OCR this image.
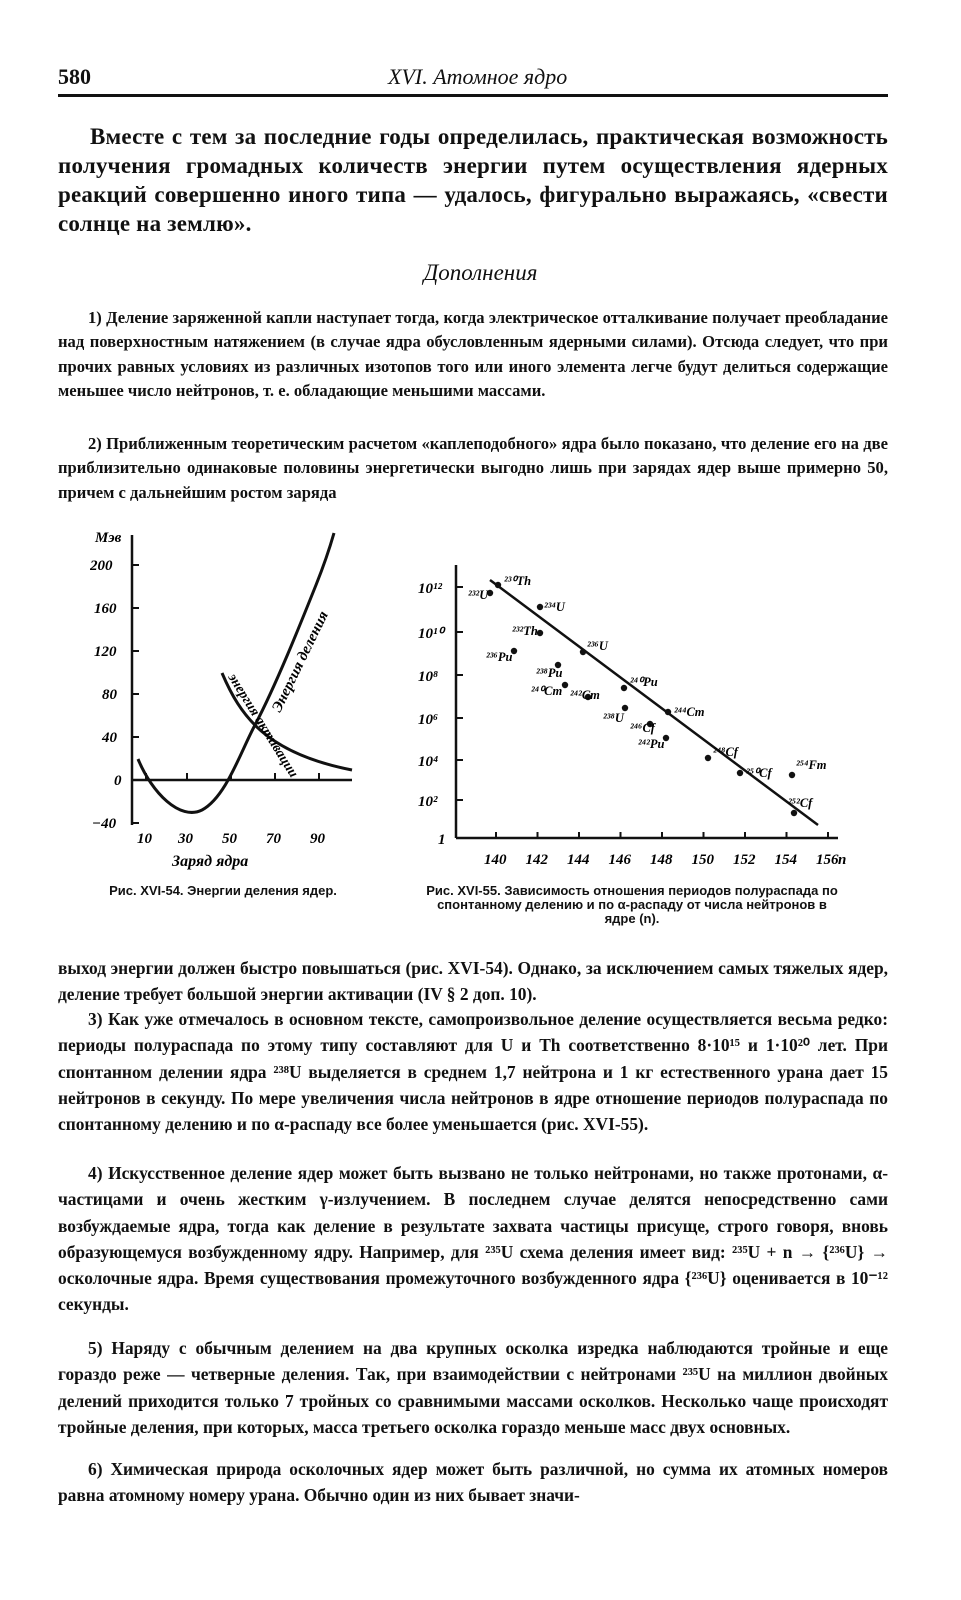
580	XVI. Атомное ядро
Вместе с тем за последние годы определилась, практическая возможность получения громадных количеств энергии путем осуществления ядерных реакций совершенно иного типа — удалось, фигурально выражаясь, «свести солнце на землю».
Дополнения
1) Деление заряженной капли наступает тогда, когда электрическое отталкивание получает преобладание над поверхностным натяжением (в случае ядра обусловленным ядерными силами). Отсюда следует, что при прочих равных условиях из различных изотопов того или иного элемента легче будут делиться содержащие меньшее число нейтронов, т. е. обладающие меньшими массами.
2) Приближенным теоретическим расчетом «каплеподобного» ядра было показано, что деление его на две приблизительно одинаковые половины энергетически выгодно лишь при зарядах ядер выше примерно 50, причем с дальнейшим ростом заряда
Мэв
200
160
120
80
40
0
−40
10 30 50 70 90
Заряд ядра
Энергия деления
энергия активации
Рис. XVI-54. Энергии деления ядер.
10¹²
10¹⁰
10⁸
10⁶
10⁴
10²
1
140 142 144 146 148 150 152 154 156 n
²³⁰Th
²³²U
²³⁴U
²³²Th
²³⁶U
²³⁶Pu
²³⁸Pu
²⁴⁰Pu
²⁴⁰Cm ²⁴²Cm
²³⁸U	²⁴⁴Cm
²⁴⁶Cf
²⁴²Pu
²⁴⁸Cf
²⁵⁰Cf
²⁵⁴Fm
²⁵²Cf
Рис. XVI-55. Зависимость отношения периодов полураспада по спонтанному делению и по α-распаду от числа нейтронов в ядре (n).
выход энергии должен быстро повышаться (рис. XVI-54). Однако, за исключением самых тяжелых ядер, деление требует большой энергии активации (IV § 2 доп. 10).
3) Как уже отмечалось в основном тексте, самопроизвольное деление осуществляется весьма редко: периоды полураспада по этому типу составляют для U и Th соответственно 8·10¹⁵ и 1·10²⁰ лет. При спонтанном делении ядра ²³⁸U выделяется в среднем 1,7 нейтрона и 1 кг естественного урана дает 15 нейтронов в секунду. По мере увеличения числа нейтронов в ядре отношение периодов полураспада по спонтанному делению и по α-распаду все более уменьшается (рис. XVI-55).
4) Искусственное деление ядер может быть вызвано не только нейтронами, но также протонами, α-частицами и очень жестким γ-излучением. В последнем случае делятся непосредственно сами возбуждаемые ядра, тогда как деление в результате захвата частицы присуще, строго говоря, вновь образующемуся возбужденному ядру. Например, для ²³⁵U схема деления имеет вид: ²³⁵U + n → {²³⁶U} → осколочные ядра. Время существования промежуточного возбужденного ядра {²³⁶U} оценивается в 10⁻¹² секунды.
5) Наряду с обычным делением на два крупных осколка изредка наблюдаются тройные и еще гораздо реже — четверные деления. Так, при взаимодействии с нейтронами ²³⁵U на миллион двойных делений приходится только 7 тройных со сравнимыми массами осколков. Несколько чаще происходят тройные деления, при которых, масса третьего осколка гораздо меньше масс двух основных.
6) Химическая природа осколочных ядер может быть различной, но сумма их атомных номеров равна атомному номеру урана. Обычно один из них бывает значи-
